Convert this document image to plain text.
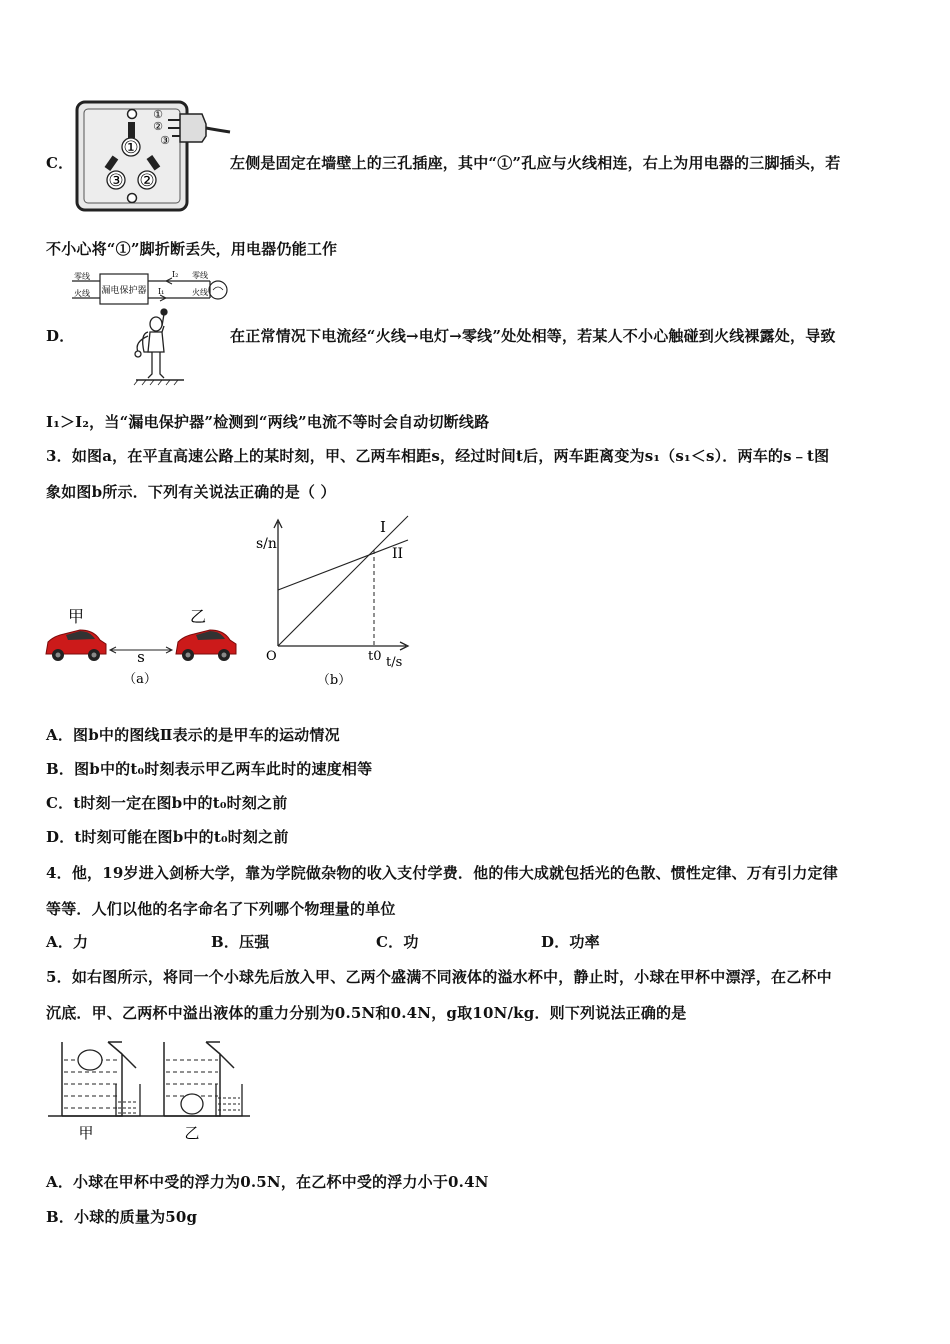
C．
①
③ ②
①
②
③
左侧是固定在墙壁上的三孔插座，其中“①”孔应与火线相连，右上为用电器的三脚插头，若
不小心将“①”脚折断丢失，用电器仍能工作
D．
零线
火线 漏电保护器
I₂
I₁
零线
火线
在正常情况下电流经“火线→电灯→零线”处处相等，若某人不小心触碰到火线裸露处，导致
I₁＞I₂，当“漏电保护器”检测到“两线”电流不等时会自动切断线路
3．如图a，在平直高速公路上的某时刻，甲、乙两车相距s，经过时间t后，两车距离变为s₁（s₁＜s）．两车的s﹣t图
象如图b所示．下列有关说法正确的是（ ）
甲	乙
s
（a）
s/n
O	t0 t/s
I
II
（b）
A．图b中的图线Ⅱ表示的是甲车的运动情况
B．图b中的t₀时刻表示甲乙两车此时的速度相等
C．t时刻一定在图b中的t₀时刻之前
D．t时刻可能在图b中的t₀时刻之前
4．他，19岁进入剑桥大学，靠为学院做杂物的收入支付学费．他的伟大成就包括光的色散、惯性定律、万有引力定律
等等．人们以他的名字命名了下列哪个物理量的单位
A．力	B．压强	C．功	D．功率
5．如右图所示，将同一个小球先后放入甲、乙两个盛满不同液体的溢水杯中，静止时，小球在甲杯中漂浮，在乙杯中
沉底．甲、乙两杯中溢出液体的重力分别为0.5N和0.4N，g取10N/kg．则下列说法正确的是
甲	乙
A．小球在甲杯中受的浮力为0.5N，在乙杯中受的浮力小于0.4N
B．小球的质量为50g
